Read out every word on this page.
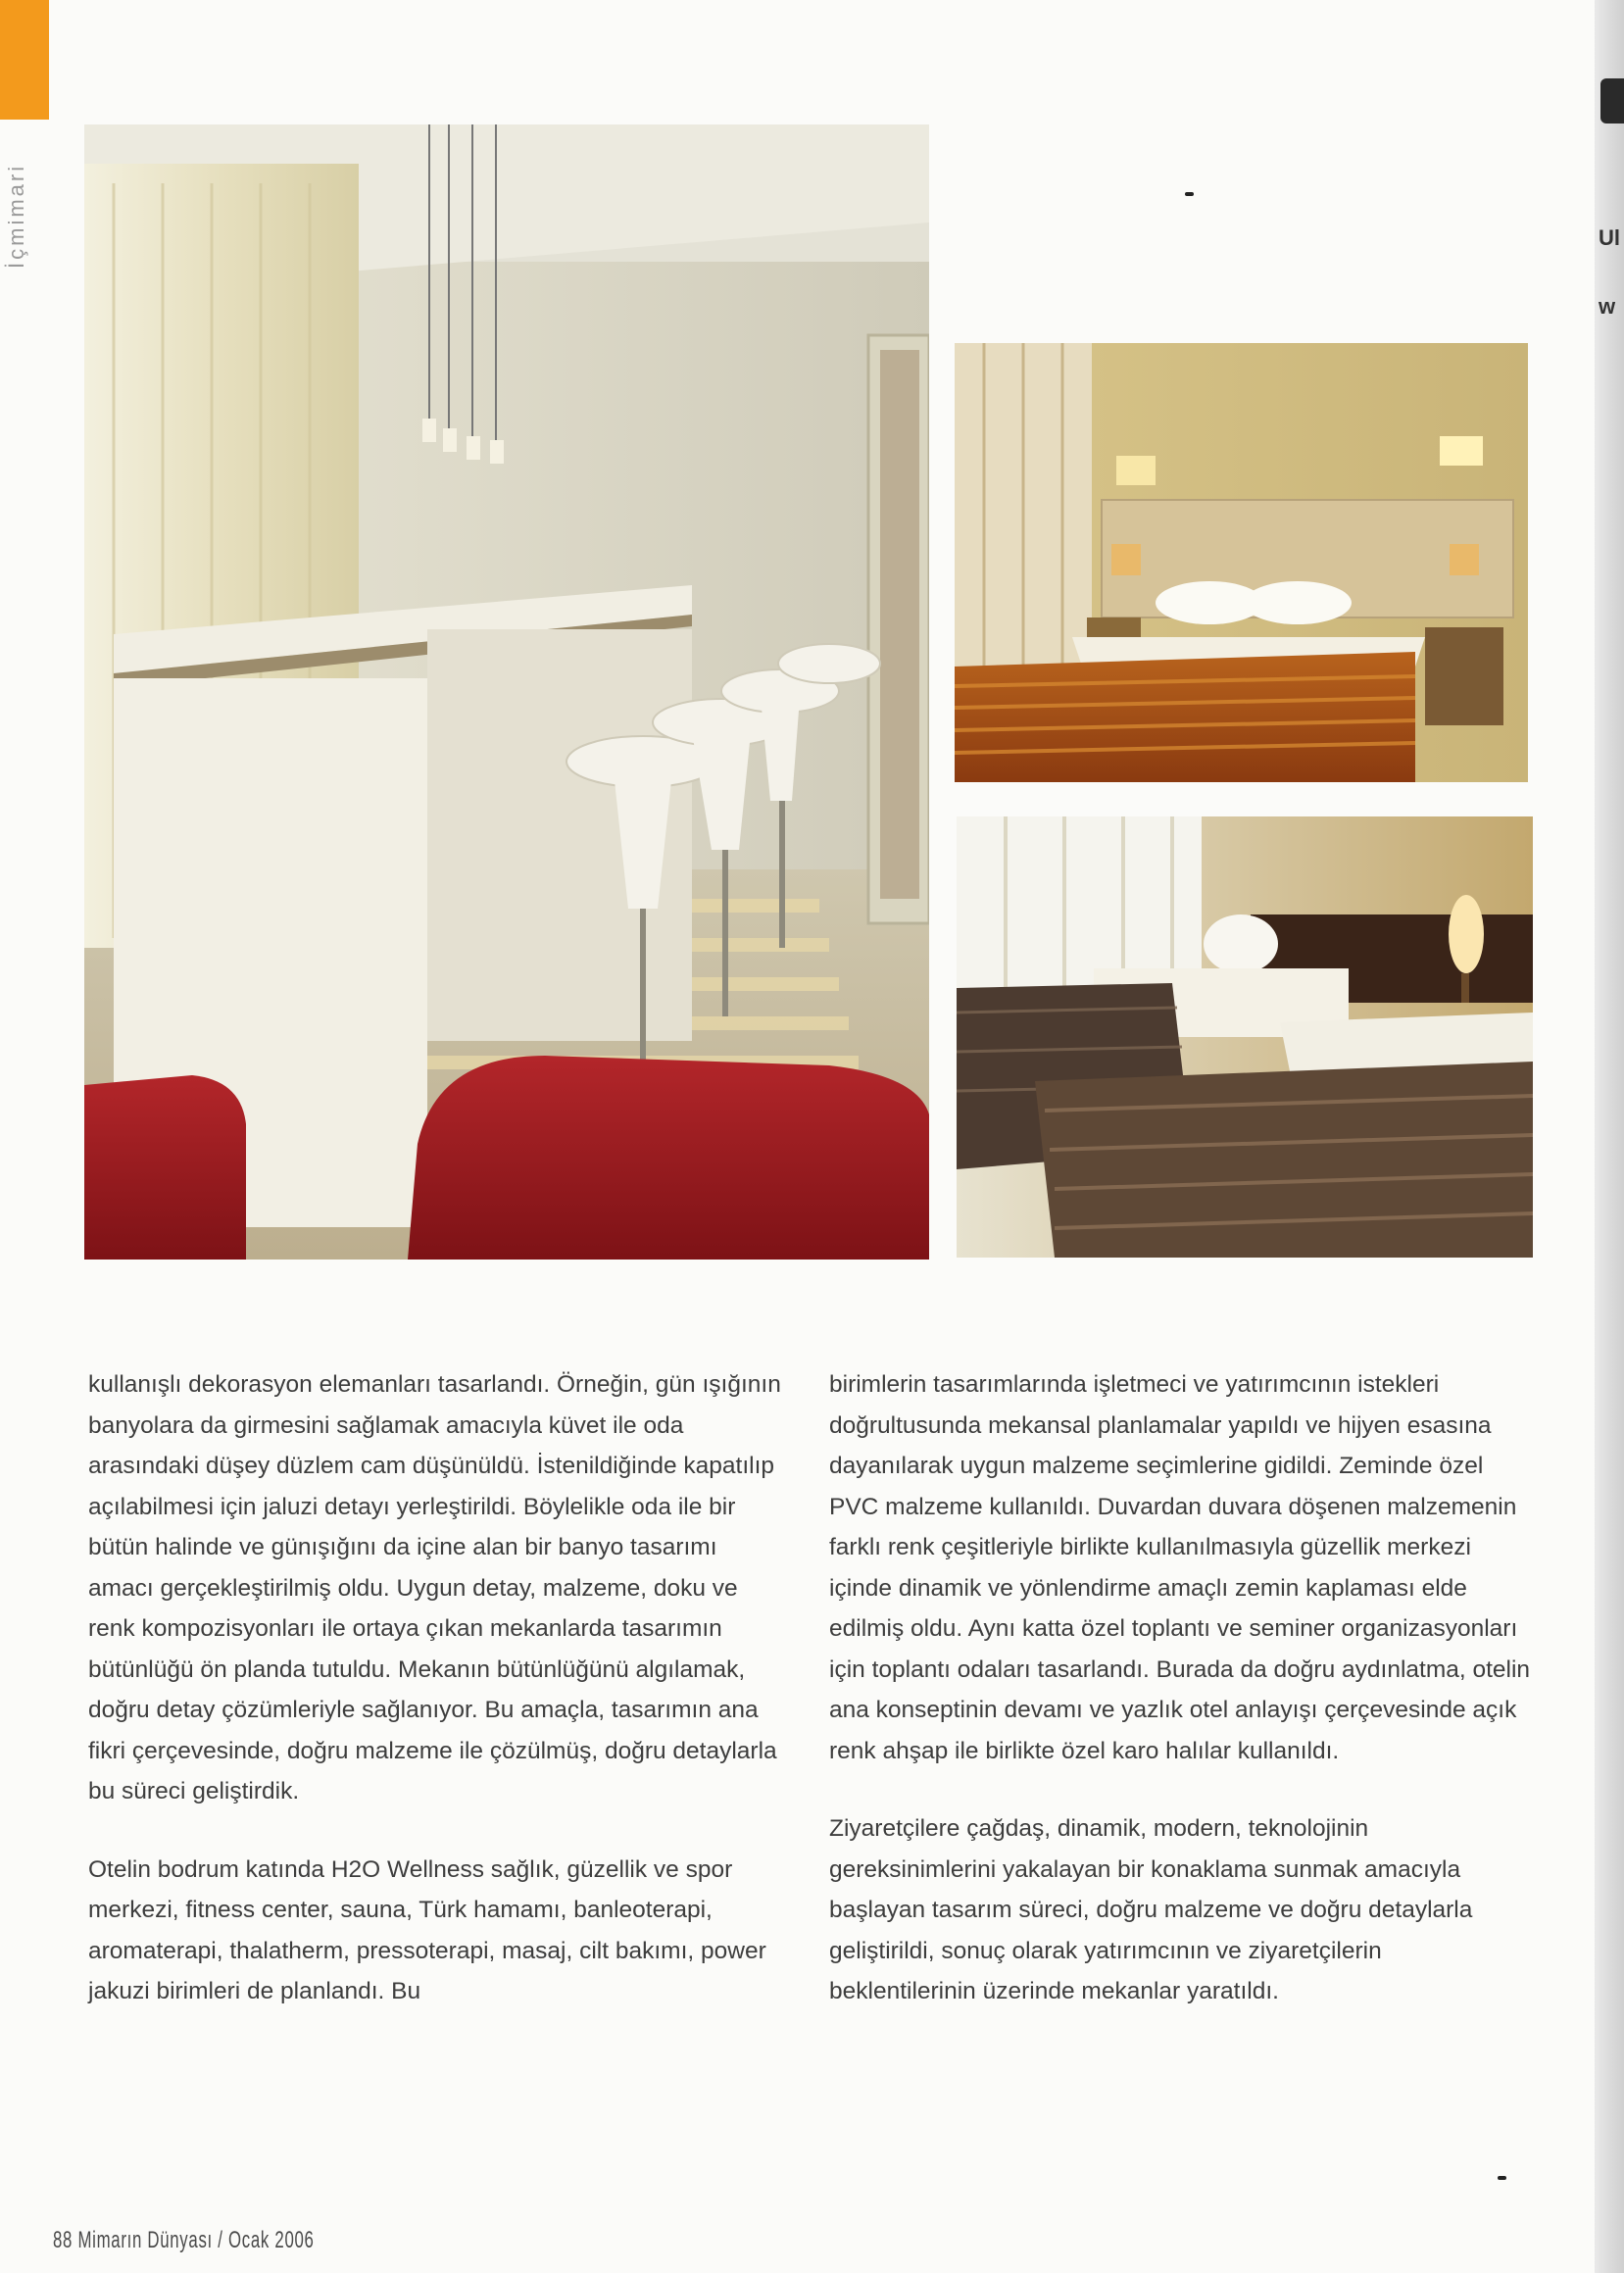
İçmimari	Ul
w

kullanışlı dekorasyon elemanları tasarlandı. Örneğin, gün ışığının banyolara da girmesini sağlamak amacıyla küvet ile oda arasındaki düşey düzlem cam düşünüldü. İstenildiğinde kapatılıp açılabilmesi için jaluzi detayı yerleştirildi. Böylelikle oda ile bir bütün halinde ve günışığını da içine alan bir banyo tasarımı amacı gerçekleştirilmiş oldu. Uygun detay, malzeme, doku ve renk kompozisyonları ile ortaya çıkan mekanlarda tasarımın bütünlüğü ön planda tutuldu. Mekanın bütünlüğünü algılamak, doğru detay çözümleriyle sağlanıyor. Bu amaçla, tasarımın ana fikri çerçevesinde, doğru malzeme ile çözülmüş, doğru detaylarla bu süreci geliştirdik.

Otelin bodrum katında H2O Wellness sağlık, güzellik ve spor merkezi, fitness center, sauna, Türk hamamı, banleoterapi, aromaterapi, thalatherm, pressoterapi, masaj, cilt bakımı, power jakuzi birimleri de planlandı. Bu

birimlerin tasarımlarında işletmeci ve yatırımcının istekleri doğrultusunda mekansal planlamalar yapıldı ve hijyen esasına dayanılarak uygun malzeme seçimlerine gidildi. Zeminde özel PVC malzeme kullanıldı. Duvardan duvara döşenen malzemenin farklı renk çeşitleriyle birlikte kullanılmasıyla güzellik merkezi içinde dinamik ve yönlendirme amaçlı zemin kaplaması elde edilmiş oldu. Aynı katta özel toplantı ve seminer organizasyonları için toplantı odaları tasarlandı. Burada da doğru aydınlatma, otelin ana konseptinin devamı ve yazlık otel anlayışı çerçevesinde açık renk ahşap ile birlikte özel karo halılar kullanıldı.

Ziyaretçilere çağdaş, dinamik, modern, teknolojinin gereksinimlerini yakalayan bir konaklama sunmak amacıyla başlayan tasarım süreci, doğru malzeme ve doğru detaylarla geliştirildi, sonuç olarak yatırımcının ve ziyaretçilerin beklentilerinin üzerinde mekanlar yaratıldı.

88 Mimarın Dünyası / Ocak 2006
